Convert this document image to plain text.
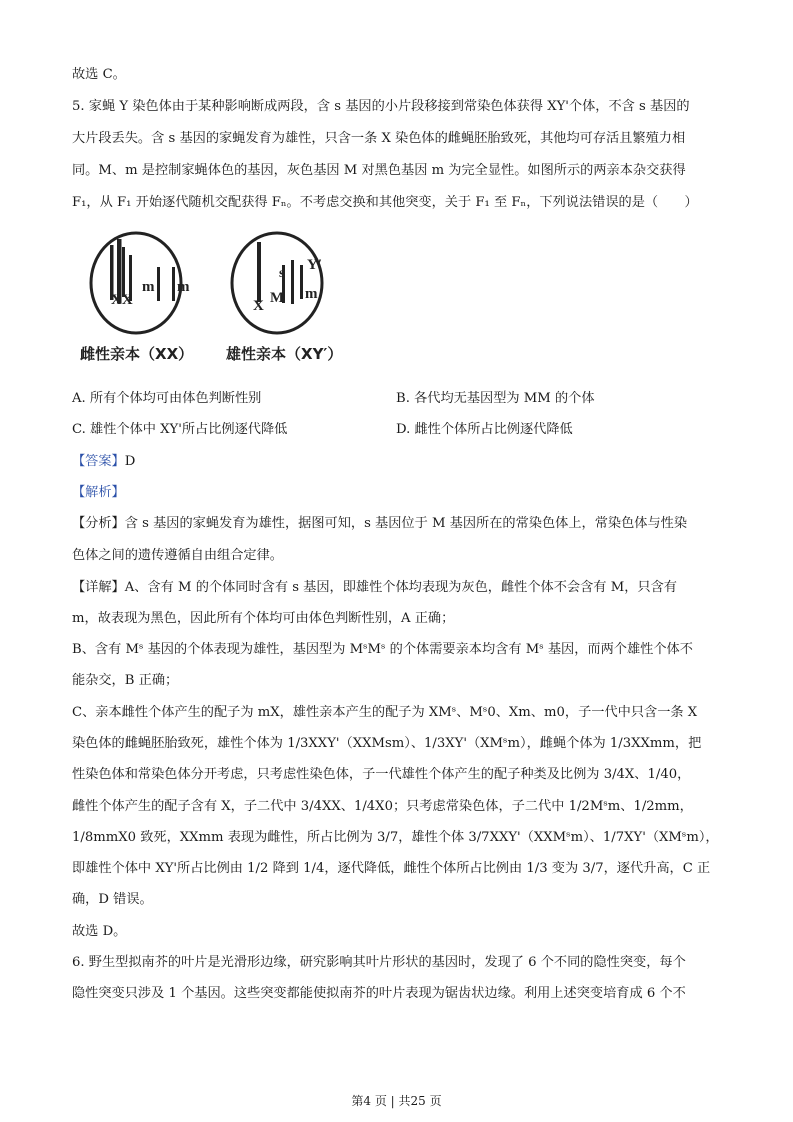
故选 C。
5. 家蝇 Y 染色体由于某种影响断成两段，含 s 基因的小片段移接到常染色体获得 XY'个体，不含 s 基因的
大片段丢失。含 s 基因的家蝇发育为雄性，只含一条 X 染色体的雌蝇胚胎致死，其他均可存活且繁殖力相
同。M、m 是控制家蝇体色的基因，灰色基因 M 对黑色基因 m 为完全显性。如图所示的两亲本杂交获得
F₁，从 F₁ 开始逐代随机交配获得 Fₙ。不考虑交换和其他突变，关于 F₁ 至 Fₙ，下列说法错误的是（　　）
XX
m m
X
s
M
Y′
m
雌性亲本（XX） 雄性亲本（XY′）
A. 所有个体均可由体色判断性别	B. 各代均无基因型为 MM 的个体
C. 雄性个体中 XY'所占比例逐代降低	D. 雌性个体所占比例逐代降低
【答案】D
【解析】
【分析】含 s 基因的家蝇发育为雄性，据图可知，s 基因位于 M 基因所在的常染色体上，常染色体与性染
色体之间的遗传遵循自由组合定律。
【详解】A、含有 M 的个体同时含有 s 基因，即雄性个体均表现为灰色，雌性个体不会含有 M，只含有
m，故表现为黑色，因此所有个体均可由体色判断性别，A 正确；
B、含有 Mˢ 基因的个体表现为雄性，基因型为 MˢMˢ 的个体需要亲本均含有 Mˢ 基因，而两个雄性个体不
能杂交，B 正确；
C、亲本雌性个体产生的配子为 mX，雄性亲本产生的配子为 XMˢ、Mˢ0、Xm、m0，子一代中只含一条 X
染色体的雌蝇胚胎致死，雄性个体为 1/3XXY'（XXMsm）、1/3XY'（XMˢm），雌蝇个体为 1/3XXmm，把
性染色体和常染色体分开考虑，只考虑性染色体，子一代雄性个体产生的配子种类及比例为 3/4X、1/40，
雌性个体产生的配子含有 X，子二代中 3/4XX、1/4X0；只考虑常染色体，子二代中 1/2Mˢm、1/2mm，
1/8mmX0 致死，XXmm 表现为雌性，所占比例为 3/7，雄性个体 3/7XXY'（XXMˢm）、1/7XY'（XMˢm），
即雄性个体中 XY'所占比例由 1/2 降到 1/4，逐代降低，雌性个体所占比例由 1/3 变为 3/7，逐代升高，C 正
确，D 错误。
故选 D。
6. 野生型拟南芥的叶片是光滑形边缘，研究影响其叶片形状的基因时，发现了 6 个不同的隐性突变，每个
隐性突变只涉及 1 个基因。这些突变都能使拟南芥的叶片表现为锯齿状边缘。利用上述突变培育成 6 个不
第4 页 | 共25 页
